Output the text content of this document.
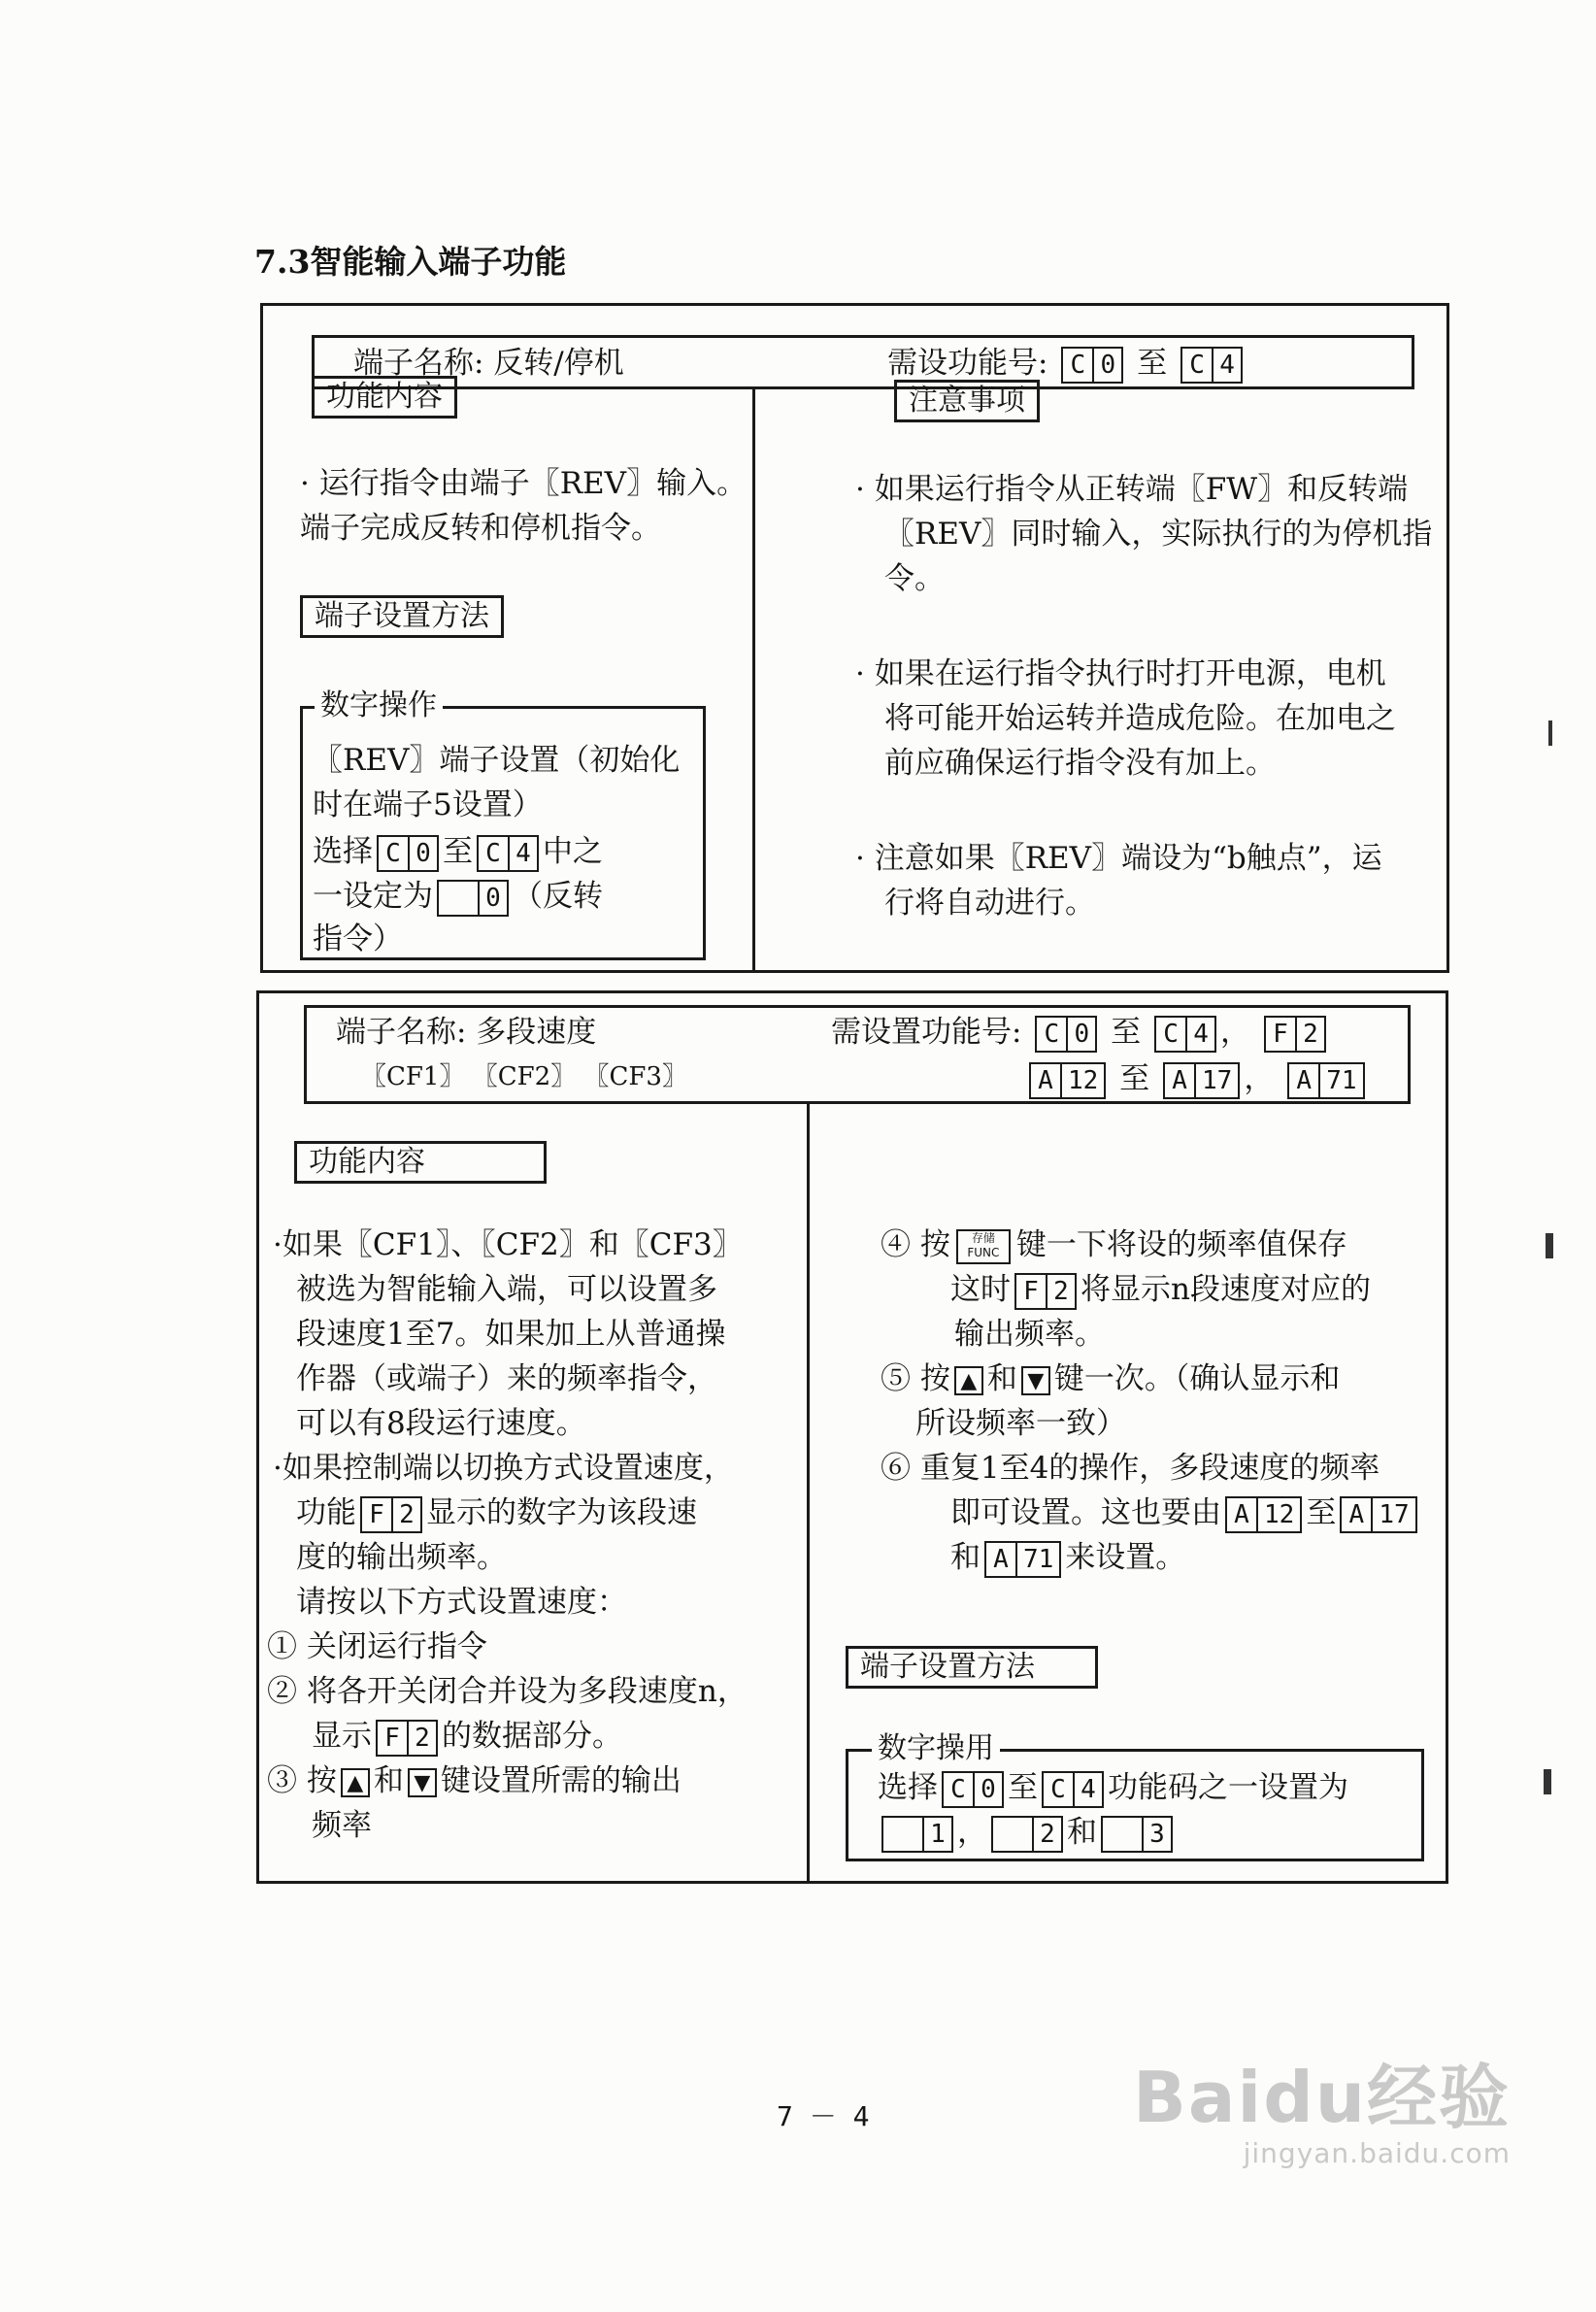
7.3智能输入端子功能
端子名称: 反转/停机	需设功能号: C 0 至 C 4
功能内容
· 运行指令由端子〖REV〗输入。
端子完成反转和停机指令。
端子设置方法
数字操作
〖REV〗端子设置（初始化
时在端子5设置）
选择 C 0 至 C 4 中之
一设定为	0 （反转
指令）
注意事项
· 如果运行指令从正转端〖FW〗和反转端
〖REV〗同时输入，实际执行的为停机指
令。
· 如果在运行指令执行时打开电源，电机
将可能开始运转并造成危险。在加电之
前应确保运行指令没有加上。
· 注意如果〖REV〗端设为“b触点”，运
行将自动进行。
端子名称: 多段速度
〖CF1〗 〖CF2〗 〖CF3〗
需设置功能号: C 0 至 C 4 ， F 2
A 12 至 A 17 ， A 71
功能内容
·如果〖CF1〗、〖CF2〗和〖CF3〗
被选为智能输入端，可以设置多
段速度1至7。如果加上从普通操
作器（或端子）来的频率指令，
可以有8段运行速度。
·如果控制端以切换方式设置速度，
功能 F 2 显示的数字为该段速
度的输出频率。
请按以下方式设置速度：
① 关闭运行指令
② 将各开关闭合并设为多段速度n，
显示 F 2 的数据部分。
③ 按 ▲ 和 ▼ 键设置所需的输出
频率
④ 按	存储
FUNC 键一下将设的频率值保存
这时 F 2 将显示n段速度对应的
输出频率。
⑤ 按 ▲ 和 ▼ 键一次。（确认显示和
所设频率一致）
⑥ 重复1至4的操作，多段速度的频率
即可设置。这也要由 A 12 至 A 17
和 A 71 来设置。
端子设置方法
数字操用
选择 C 0 至 C 4 功能码之一设置为
1 ，	2 和	3
7 － 4	Baidu经验
jingyan.baidu.com
